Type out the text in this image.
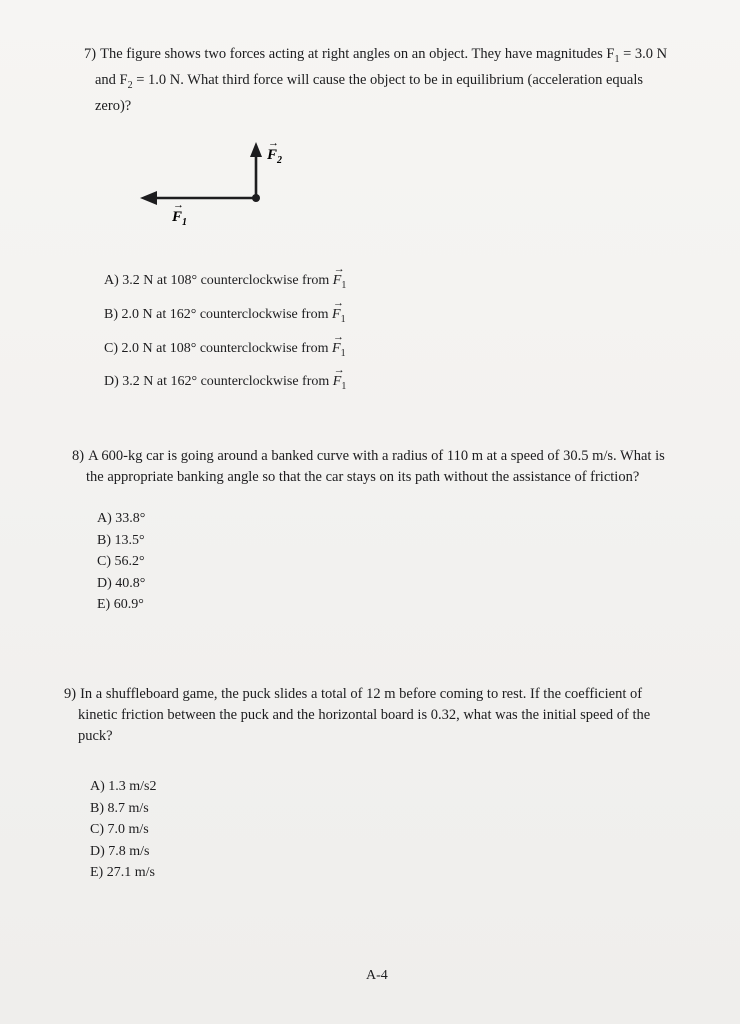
7) The figure shows two forces acting at right angles on an object. They have magnitudes $F_1 = 3.0$ N
and $F_2 = 1.0$ N. What third force will cause the object to be in equilibrium (acceleration equals
zero)?
$F_1$
→
$F_2$
→
A) 3.2 N at 108° counterclockwise from → $F_1$
B) 2.0 N at 162° counterclockwise from → $F_1$
C) 2.0 N at 108° counterclockwise from → $F_1$
D) 3.2 N at 162° counterclockwise from → $F_1$
8) A 600-kg car is going around a banked curve with a radius of 110 m at a speed of 30.5 m/s. What is
the appropriate banking angle so that the car stays on its path without the assistance of friction?
A) 33.8°
B) 13.5°
C) 56.2°
D) 40.8°
E) 60.9°
9) In a shuffleboard game, the puck slides a total of 12 m before coming to rest. If the coefficient of
kinetic friction between the puck and the horizontal board is 0.32, what was the initial speed of the
puck?
A) 1.3 m/s2
B) 8.7 m/s
C) 7.0 m/s
D) 7.8 m/s
E) 27.1 m/s
A-4
